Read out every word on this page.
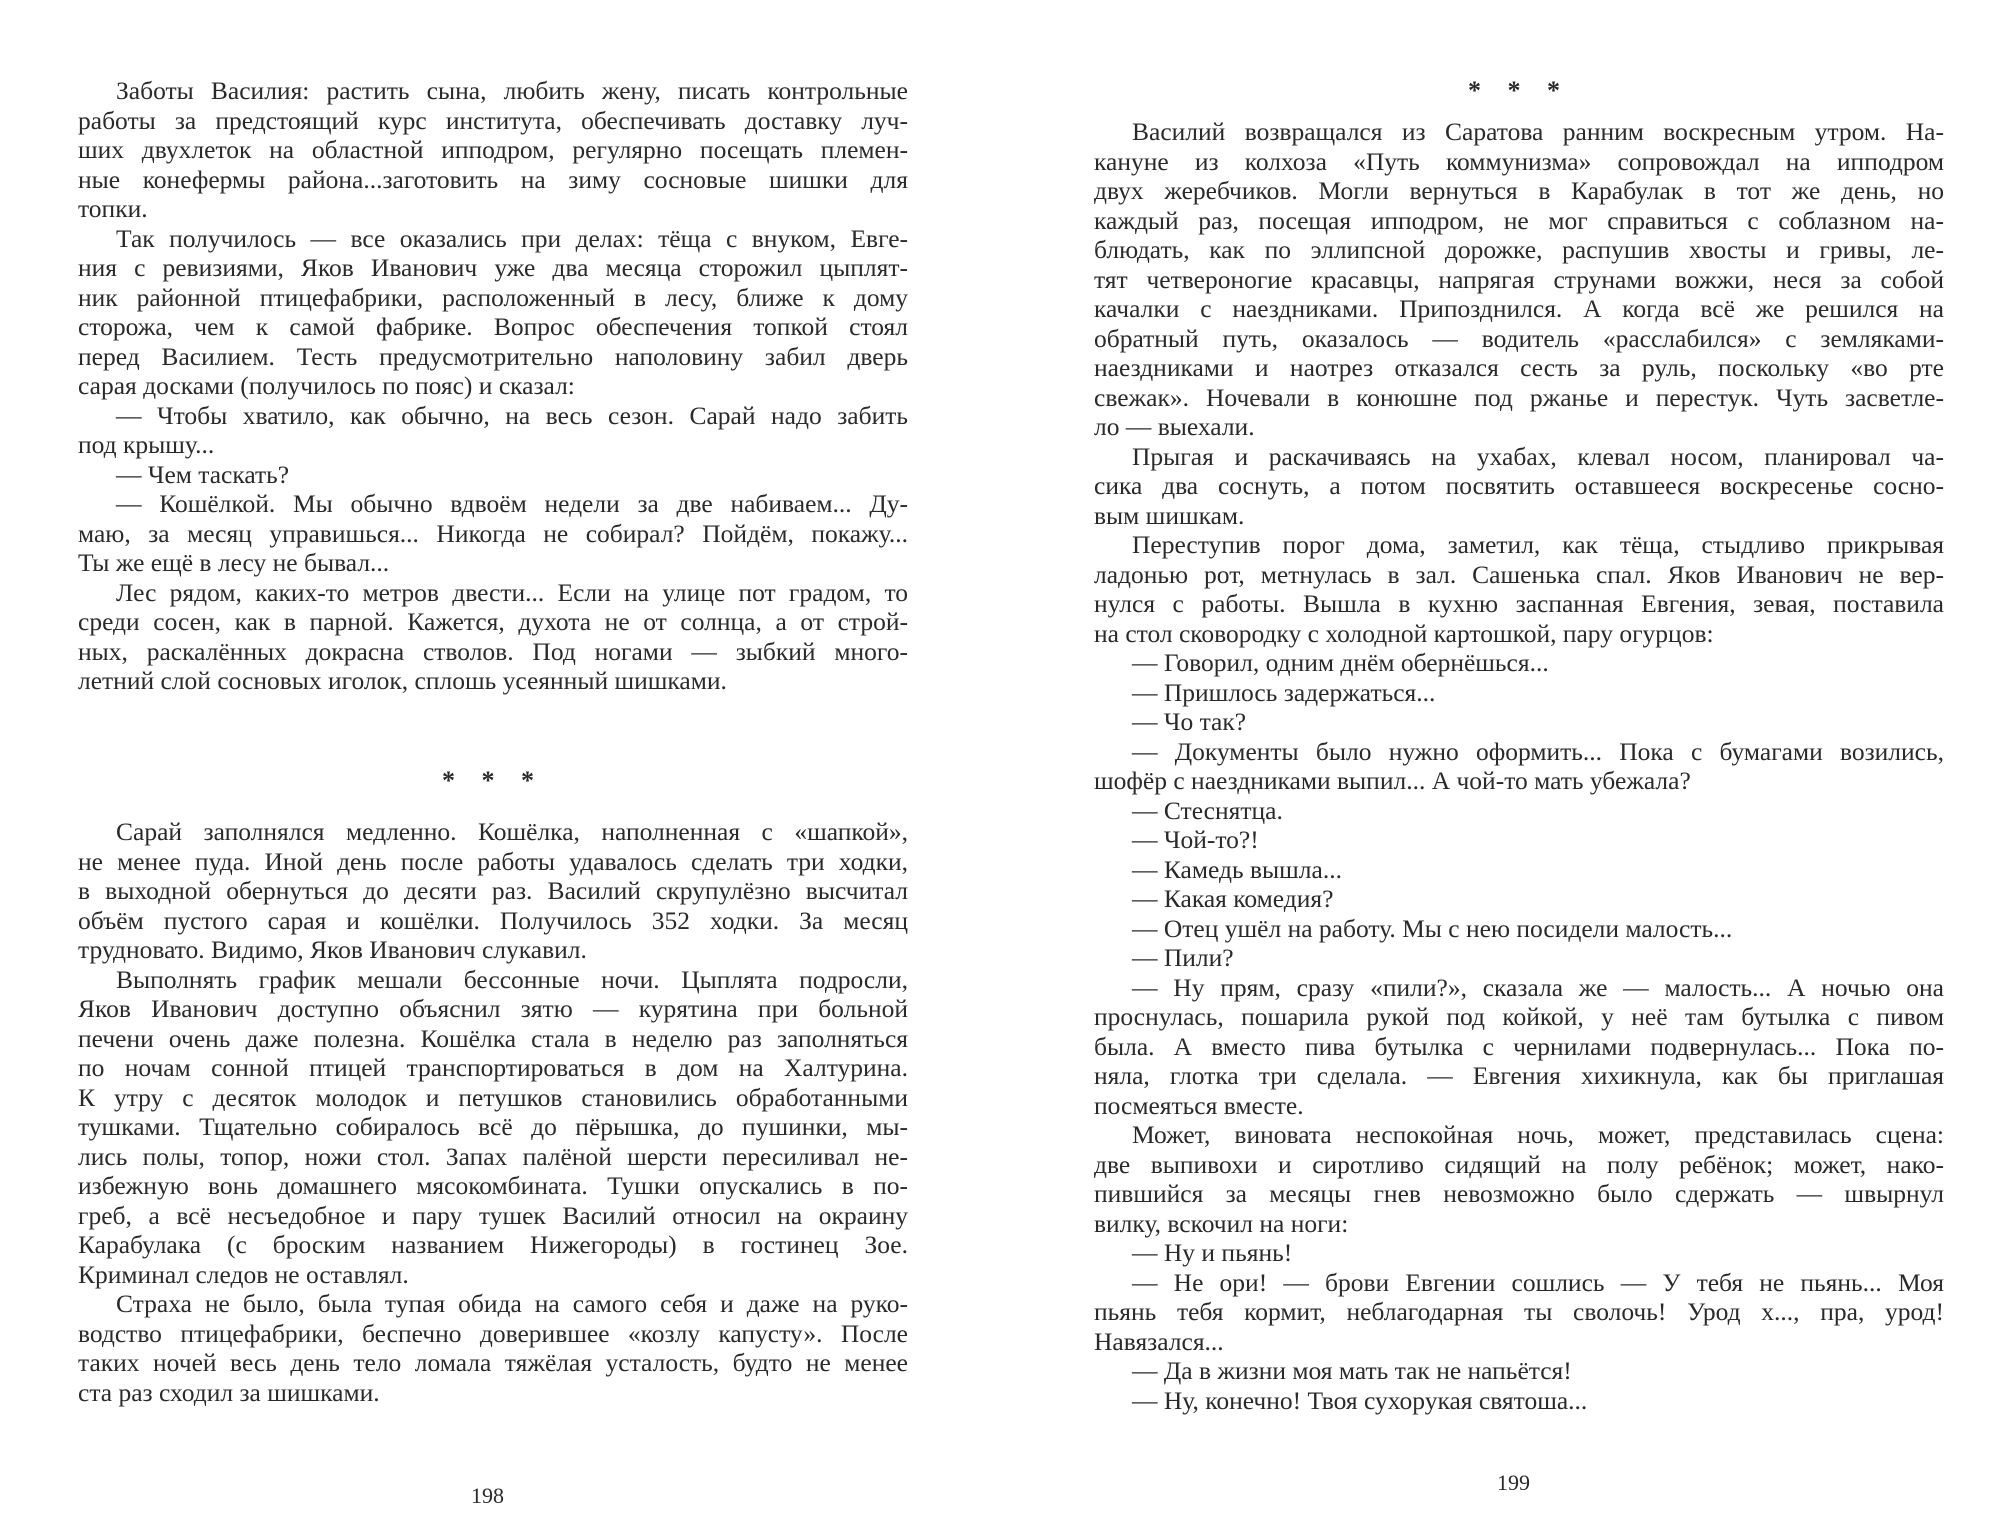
Заботы Василия: растить сына, любить жену, писать контрольные

работы за предстоящий курс института, обеспечивать доставку луч-

ших двухлеток на областной ипподром, регулярно посещать племен-

ные конефермы района...заготовить на зиму сосновые шишки для

топки.

Так получилось — все оказались при делах: тёща с внуком, Евге-

ния с ревизиями, Яков Иванович уже два месяца сторожил цыплят-

ник районной птицефабрики, расположенный в лесу, ближе к дому

сторожа, чем к самой фабрике. Вопрос обеспечения топкой стоял

перед Василием. Тесть предусмотрительно наполовину забил дверь

сарая досками (получилось по пояс) и сказал:

— Чтобы хватило, как обычно, на весь сезон. Сарай надо забить

под крышу...

— Чем таскать?

— Кошёлкой. Мы обычно вдвоём недели за две набиваем... Ду-

маю, за месяц управишься... Никогда не собирал? Пойдём, покажу...

Ты же ещё в лесу не бывал...

Лес рядом, каких-то метров двести... Если на улице пот градом, то

среди сосен, как в парной. Кажется, духота не от солнца, а от строй-

ных, раскалённых докрасна стволов. Под ногами — зыбкий много-

летний слой сосновых иголок, сплошь усеянный шишками.

* * *

Сарай заполнялся медленно. Кошёлка, наполненная с «шапкой»,

не менее пуда. Иной день после работы удавалось сделать три ходки,

в выходной обернуться до десяти раз. Василий скрупулёзно высчитал

объём пустого сарая и кошёлки. Получилось 352 ходки. За месяц

трудновато. Видимо, Яков Иванович слукавил.

Выполнять график мешали бессонные ночи. Цыплята подросли,

Яков Иванович доступно объяснил зятю — курятина при больной

печени очень даже полезна. Кошёлка стала в неделю раз заполняться

по ночам сонной птицей транспортироваться в дом на Халтурина.

К утру с десяток молодок и петушков становились обработанными

тушками. Тщательно собиралось всё до пёрышка, до пушинки, мы-

лись полы, топор, ножи стол. Запах палёной шерсти пересиливал не-

избежную вонь домашнего мясокомбината. Тушки опускались в по-

греб, а всё несъедобное и пару тушек Василий относил на окраину

Карабулака (с броским названием Нижегороды) в гостинец Зое.

Криминал следов не оставлял.

Страха не было, была тупая обида на самого себя и даже на руко-

водство птицефабрики, беспечно доверившее «козлу капусту». После

таких ночей весь день тело ломала тяжёлая усталость, будто не менее

ста раз сходил за шишками.

198
* * *

Василий возвращался из Саратова ранним воскресным утром. На-

кануне из колхоза «Путь коммунизма» сопровождал на ипподром

двух жеребчиков. Могли вернуться в Карабулак в тот же день, но

каждый раз, посещая ипподром, не мог справиться с соблазном на-

блюдать, как по эллипсной дорожке, распушив хвосты и гривы, ле-

тят четвероногие красавцы, напрягая струнами вожжи, неся за собой

качалки с наездниками. Припозднился. А когда всё же решился на

обратный путь, оказалось — водитель «расслабился» с земляками-

наездниками и наотрез отказался сесть за руль, поскольку «во рте

свежак». Ночевали в конюшне под ржанье и перестук. Чуть засветле-

ло — выехали.

Прыгая и раскачиваясь на ухабах, клевал носом, планировал ча-

сика два соснуть, а потом посвятить оставшееся воскресенье сосно-

вым шишкам.

Переступив порог дома, заметил, как тёща, стыдливо прикрывая

ладонью рот, метнулась в зал. Сашенька спал. Яков Иванович не вер-

нулся с работы. Вышла в кухню заспанная Евгения, зевая, поставила

на стол сковородку с холодной картошкой, пару огурцов:

— Говорил, одним днём обернёшься...

— Пришлось задержаться...

— Чо так?

— Документы было нужно оформить... Пока с бумагами возились,

шофёр с наездниками выпил... А чой-то мать убежала?

— Стеснятца.

— Чой-то?!

— Камедь вышла...

— Какая комедия?

— Отец ушёл на работу. Мы с нею посидели малость...

— Пили?

— Ну прям, сразу «пили?», сказала же — малость... А ночью она

проснулась, пошарила рукой под койкой, у неё там бутылка с пивом

была. А вместо пива бутылка с чернилами подвернулась... Пока по-

няла, глотка три сделала. — Евгения хихикнула, как бы приглашая

посмеяться вместе.

Может, виновата неспокойная ночь, может, представилась сцена:

две выпивохи и сиротливо сидящий на полу ребёнок; может, нако-

пившийся за месяцы гнев невозможно было сдержать — швырнул

вилку, вскочил на ноги:

— Ну и пьянь!

— Не ори! — брови Евгении сошлись — У тебя не пьянь... Моя

пьянь тебя кормит, неблагодарная ты сволочь! Урод х..., пра, урод!

Навязался...

— Да в жизни моя мать так не напьётся!

— Ну, конечно! Твоя сухорукая святоша...

199
